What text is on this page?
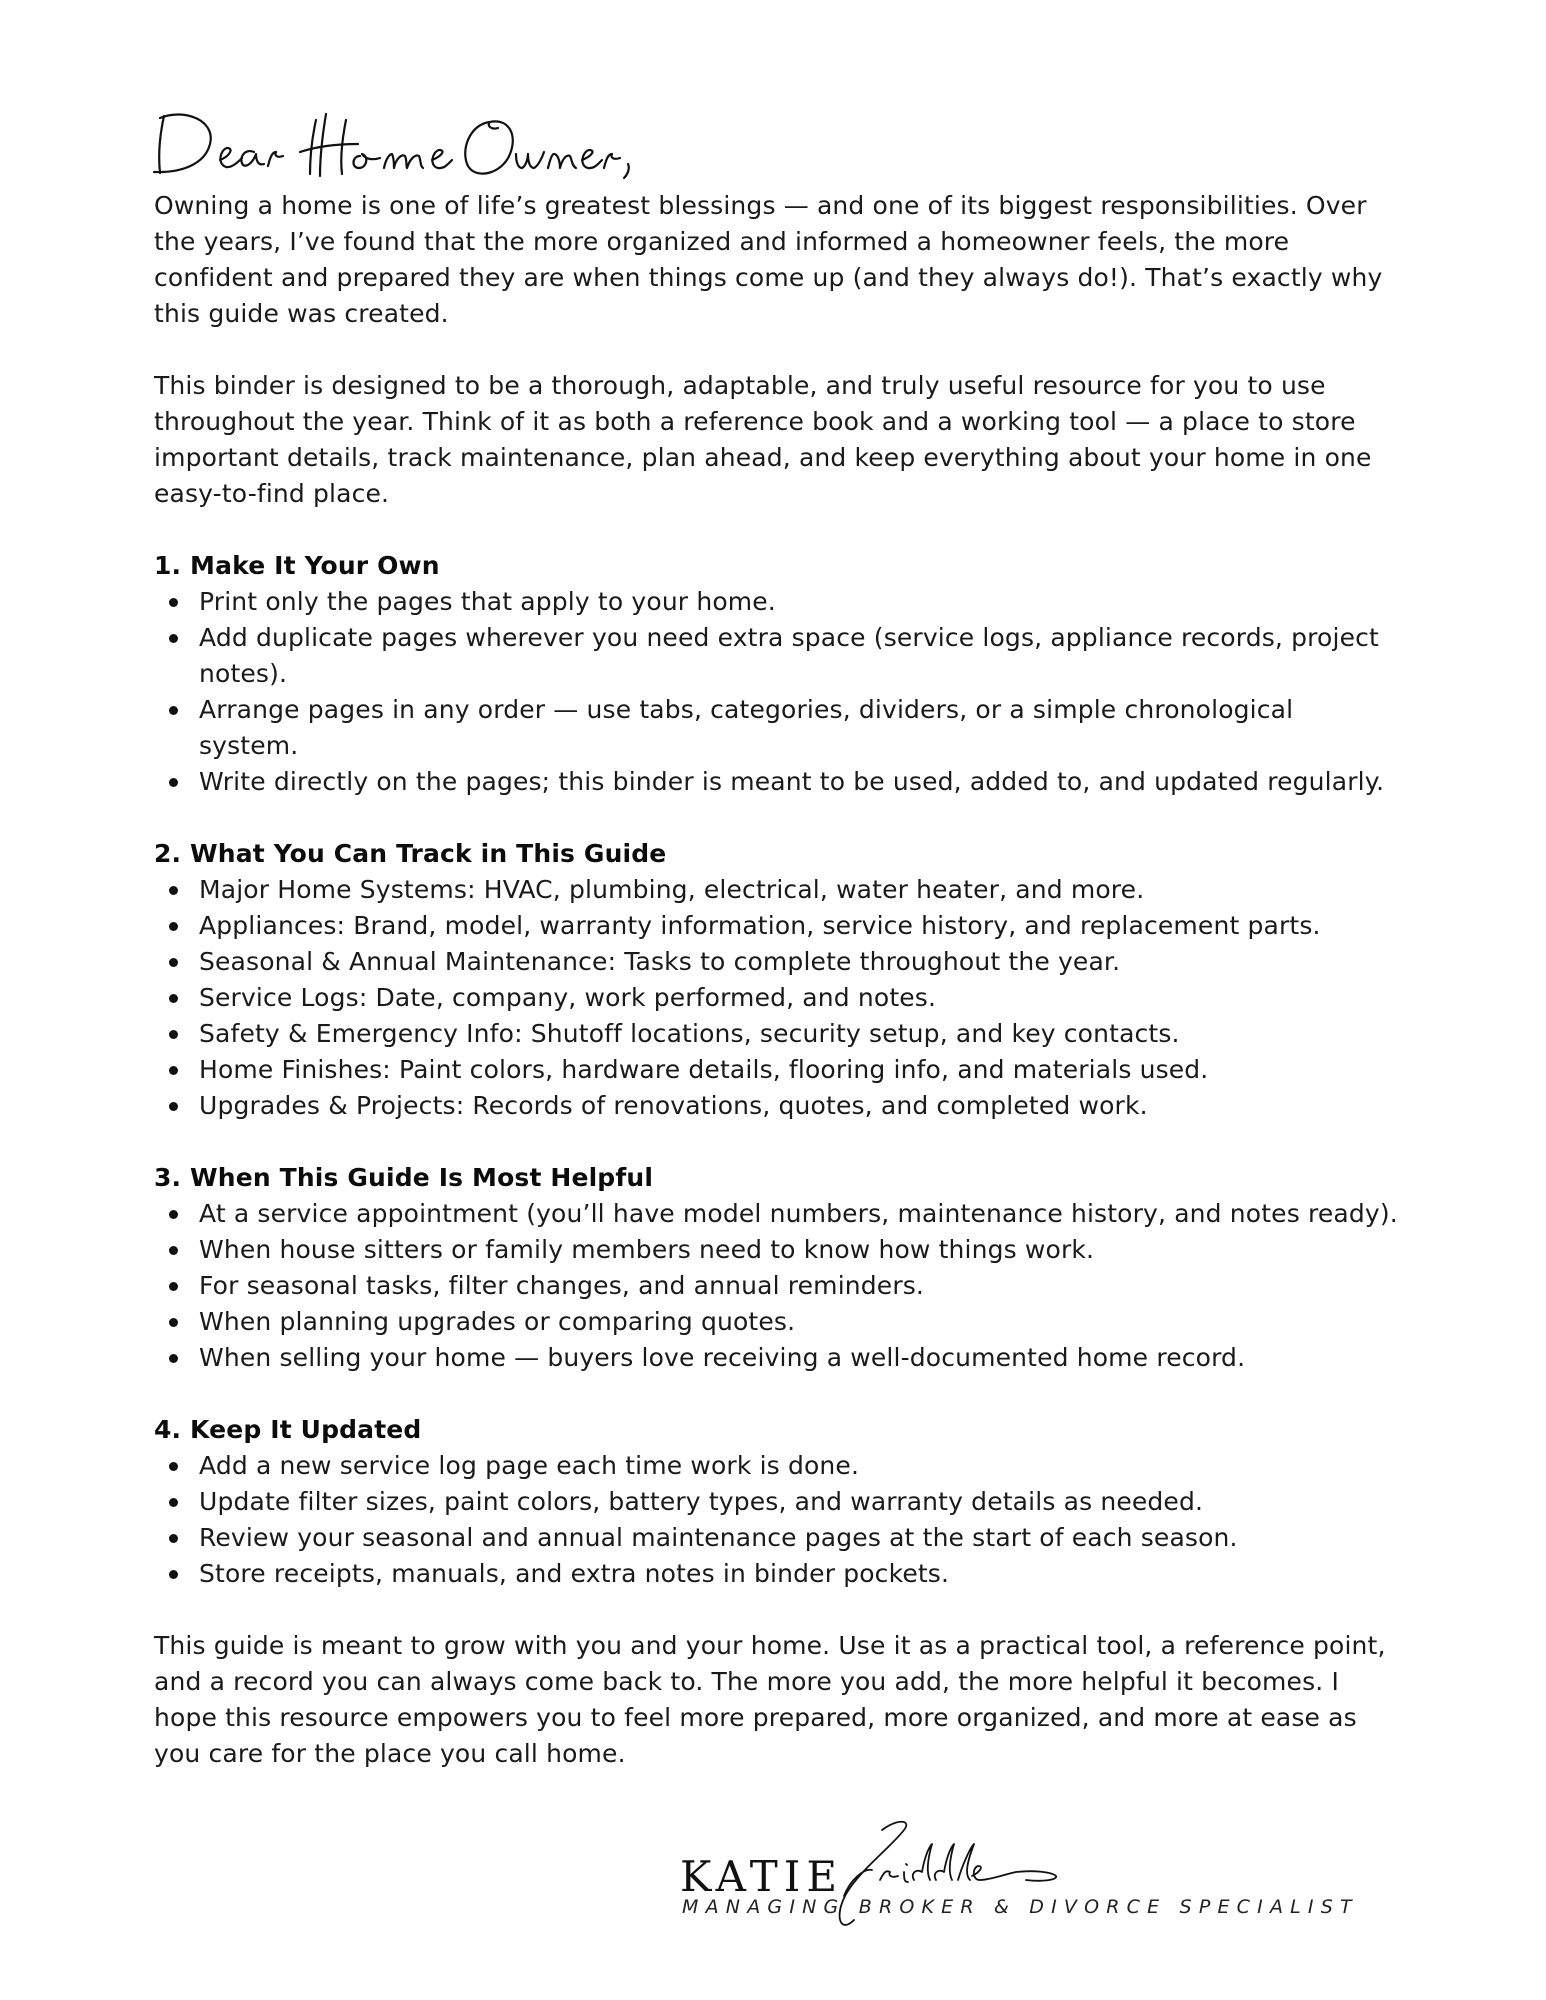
Owning a home is one of life’s greatest blessings — and one of its biggest responsibilities. Over the years, I’ve found that the more organized and informed a homeowner feels, the more confident and prepared they are when things come up (and they always do!). That’s exactly why this guide was created.

This binder is designed to be a thorough, adaptable, and truly useful resource for you to use throughout the year. Think of it as both a reference book and a working tool — a place to store important details, track maintenance, plan ahead, and keep everything about your home in one easy-to-find place.

1. Make It Your Own
Print only the pages that apply to your home.
Add duplicate pages wherever you need extra space (service logs, appliance records, project notes).
Arrange pages in any order — use tabs, categories, dividers, or a simple chronological system.
Write directly on the pages; this binder is meant to be used, added to, and updated regularly.
2. What You Can Track in This Guide
Major Home Systems: HVAC, plumbing, electrical, water heater, and more.
Appliances: Brand, model, warranty information, service history, and replacement parts.
Seasonal & Annual Maintenance: Tasks to complete throughout the year.
Service Logs: Date, company, work performed, and notes.
Safety & Emergency Info: Shutoff locations, security setup, and key contacts.
Home Finishes: Paint colors, hardware details, flooring info, and materials used.
Upgrades & Projects: Records of renovations, quotes, and completed work.
3. When This Guide Is Most Helpful
At a service appointment (you’ll have model numbers, maintenance history, and notes ready).
When house sitters or family members need to know how things work.
For seasonal tasks, filter changes, and annual reminders.
When planning upgrades or comparing quotes.
When selling your home — buyers love receiving a well-documented home record.
4. Keep It Updated
Add a new service log page each time work is done.
Update filter sizes, paint colors, battery types, and warranty details as needed.
Review your seasonal and annual maintenance pages at the start of each season.
Store receipts, manuals, and extra notes in binder pockets.

This guide is meant to grow with you and your home. Use it as a practical tool, a reference point, and a record you can always come back to. The more you add, the more helpful it becomes. I hope this resource empowers you to feel more prepared, more organized, and more at ease as you care for the place you call home.

KATIE
MANAGING BROKER & DIVORCE SPECIALIST
